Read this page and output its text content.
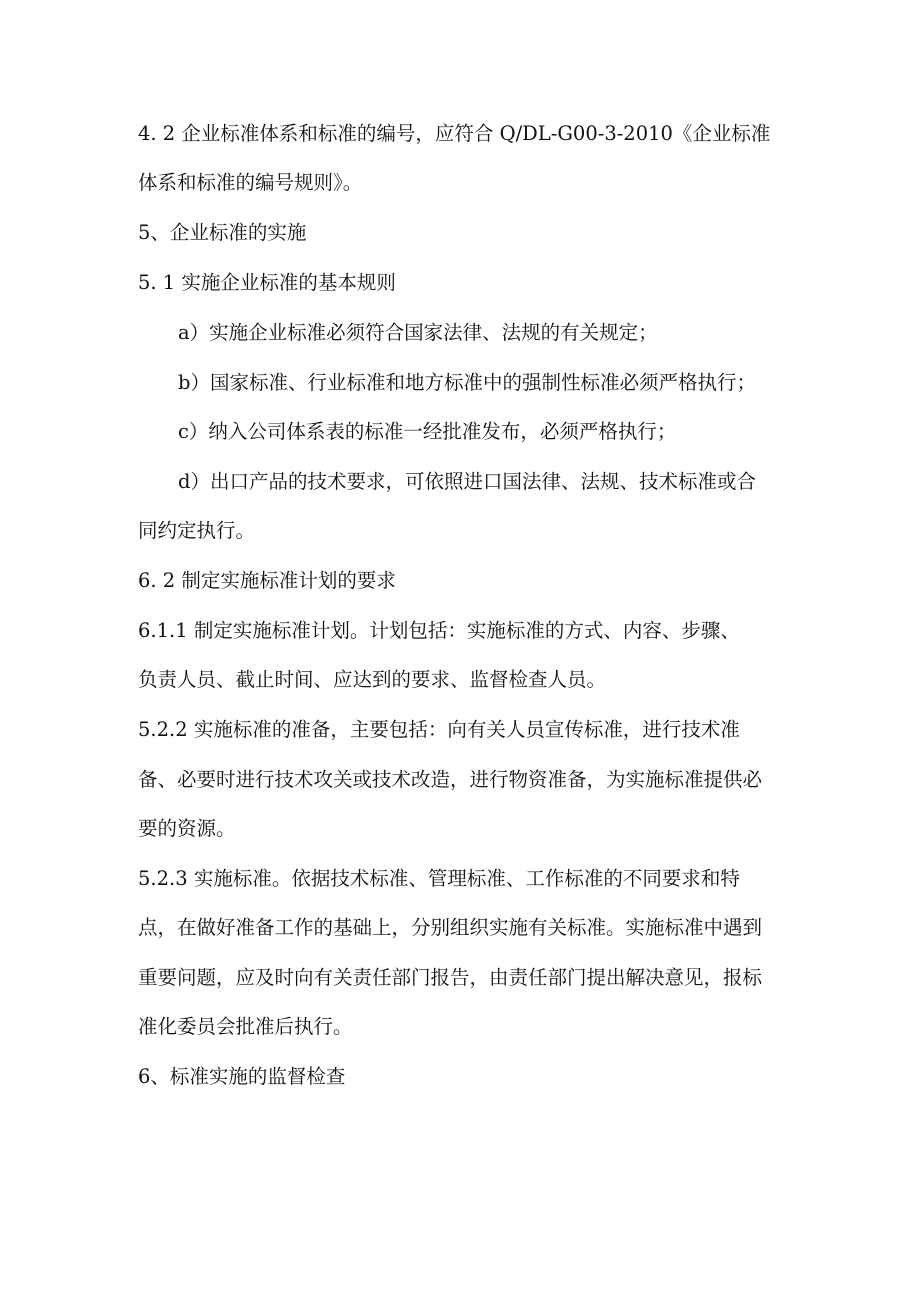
4. 2 企业标准体系和标准的编号，应符合 Q/DL-G00-3-2010《企业标准
体系和标准的编号规则》。
5、企业标准的实施
5. 1 实施企业标准的基本规则
a）实施企业标准必须符合国家法律、法规的有关规定；
b）国家标准、行业标准和地方标准中的强制性标准必须严格执行；
c）纳入公司体系表的标准一经批准发布，必须严格执行；
d）出口产品的技术要求，可依照进口国法律、法规、技术标准或合
同约定执行。
6. 2 制定实施标准计划的要求
6.1.1 制定实施标准计划。计划包括：实施标准的方式、内容、步骤、
负责人员、截止时间、应达到的要求、监督检查人员。
5.2.2 实施标准的准备，主要包括：向有关人员宣传标准，进行技术准
备、必要时进行技术攻关或技术改造，进行物资准备，为实施标准提供必
要的资源。
5.2.3 实施标准。依据技术标准、管理标准、工作标准的不同要求和特
点，在做好准备工作的基础上，分别组织实施有关标准。实施标准中遇到
重要问题，应及时向有关责任部门报告，由责任部门提出解决意见，报标
准化委员会批准后执行。
6、标准实施的监督检查
